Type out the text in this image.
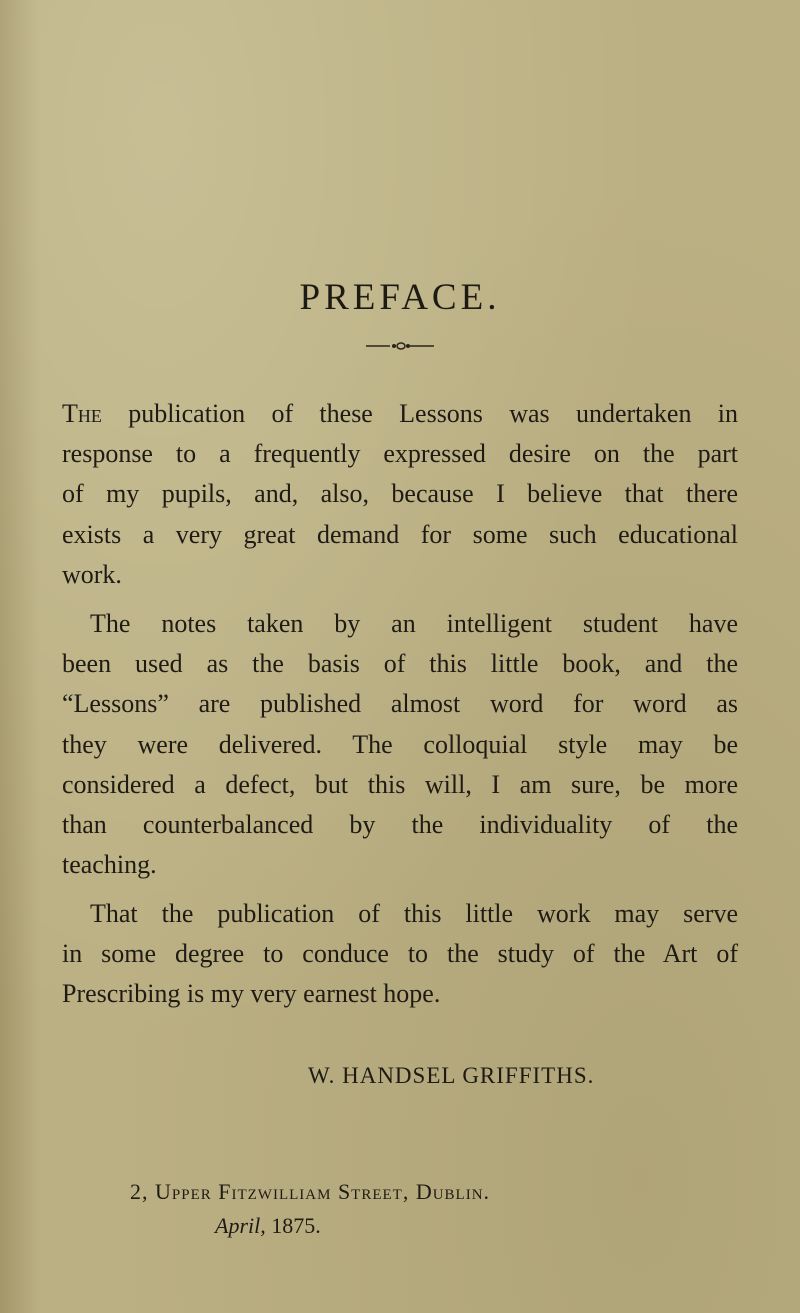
PREFACE.
The publication of these Lessons was undertaken in
response to a frequently expressed desire on the part
of my pupils, and, also, because I believe that there
exists a very great demand for some such educational
work.
The notes taken by an intelligent student have
been used as the basis of this little book, and the
“Lessons” are published almost word for word as
they were delivered. The colloquial style may be
considered a defect, but this will, I am sure, be more
than counterbalanced by the individuality of the
teaching.
That the publication of this little work may serve
in some degree to conduce to the study of the Art of
Prescribing is my very earnest hope.
W. HANDSEL GRIFFITHS.
2, Upper Fitzwilliam Street, Dublin.
April, 1875.
